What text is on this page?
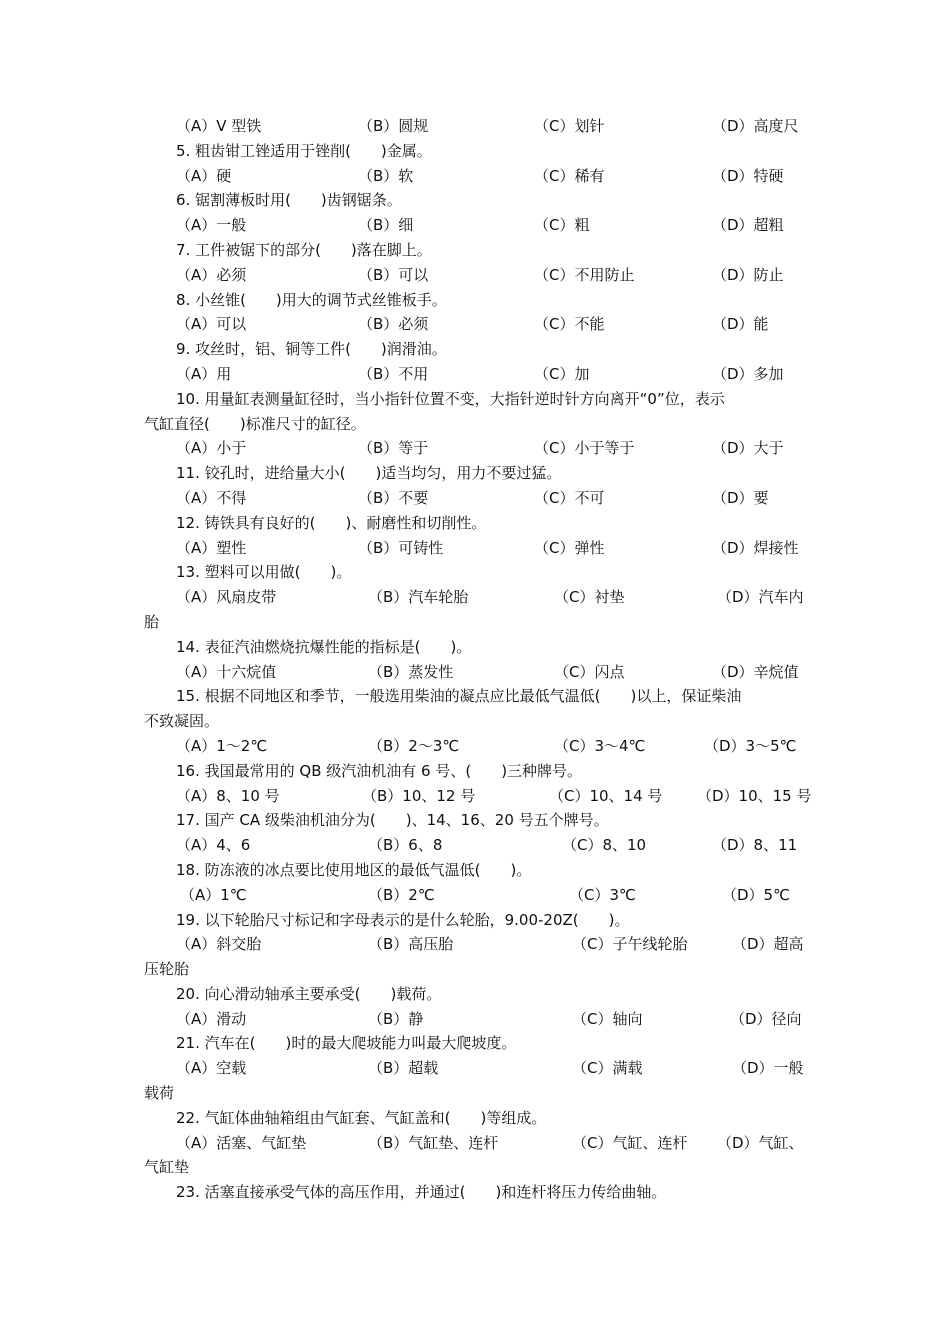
（A）V 型铁	（B）圆规	（C）划针	（D）高度尺
5. 粗齿钳工锉适用于锉削(　　)金属。
（A）硬	（B）软	（C）稀有	（D）特硬
6. 锯割薄板时用(　　)齿钢锯条。
（A）一般	（B）细	（C）粗	（D）超粗
7. 工件被锯下的部分(　　)落在脚上。
（A）必须	（B）可以	（C）不用防止	（D）防止
8. 小丝锥(　　)用大的调节式丝锥板手。
（A）可以	（B）必须	（C）不能	（D）能
9. 攻丝时，铝、铜等工件(　　)润滑油。
（A）用	（B）不用	（C）加	（D）多加
10. 用量缸表测量缸径时，当小指针位置不变，大指针逆时针方向离开“0”位，表示
气缸直径(　　)标准尺寸的缸径。
（A）小于	（B）等于	（C）小于等于	（D）大于
11. 铰孔时，进给量大小(　　)适当均匀，用力不要过猛。
（A）不得	（B）不要	（C）不可	（D）要
12. 铸铁具有良好的(　　)、耐磨性和切削性。
（A）塑性	（B）可铸性	（C）弹性	（D）焊接性
13. 塑料可以用做(　　)。
（A）风扇皮带	（B）汽车轮胎	（C）衬垫	（D）汽车内
胎
14. 表征汽油燃烧抗爆性能的指标是(　　)。
（A）十六烷值	（B）蒸发性	（C）闪点	（D）辛烷值
15. 根据不同地区和季节，一般选用柴油的凝点应比最低气温低(　　)以上，保证柴油
不致凝固。
（A）1～2℃	（B）2～3℃	（C）3～4℃	（D）3～5℃
16. 我国最常用的 QB 级汽油机油有 6 号、(　　)三种牌号。
（A）8、10 号	（B）10、12 号	（C）10、14 号 （D）10、15 号
17. 国产 CA 级柴油机油分为(　　)、14、16、20 号五个牌号。
（A）4、6	（B）6、8	（C）8、10	（D）8、11
18. 防冻液的冰点要比使用地区的最低气温低(　　)。
（A）1℃	（B）2℃	（C）3℃	（D）5℃
19. 以下轮胎尺寸标记和字母表示的是什么轮胎，9.00-20Z(　　)。
（A）斜交胎	（B）高压胎	（C）子午线轮胎	（D）超高
压轮胎
20. 向心滑动轴承主要承受(　　)载荷。
（A）滑动	（B）静	（C）轴向	（D）径向
21. 汽车在(　　)时的最大爬坡能力叫最大爬坡度。
（A）空载	（B）超载	（C）满载	（D）一般
载荷
22. 气缸体曲轴箱组由气缸套、气缸盖和(　　)等组成。
（A）活塞、气缸垫	（B）气缸垫、连杆	（C）气缸、连杆 （D）气缸、
气缸垫
23. 活塞直接承受气体的高压作用，并通过(　　)和连杆将压力传给曲轴。
